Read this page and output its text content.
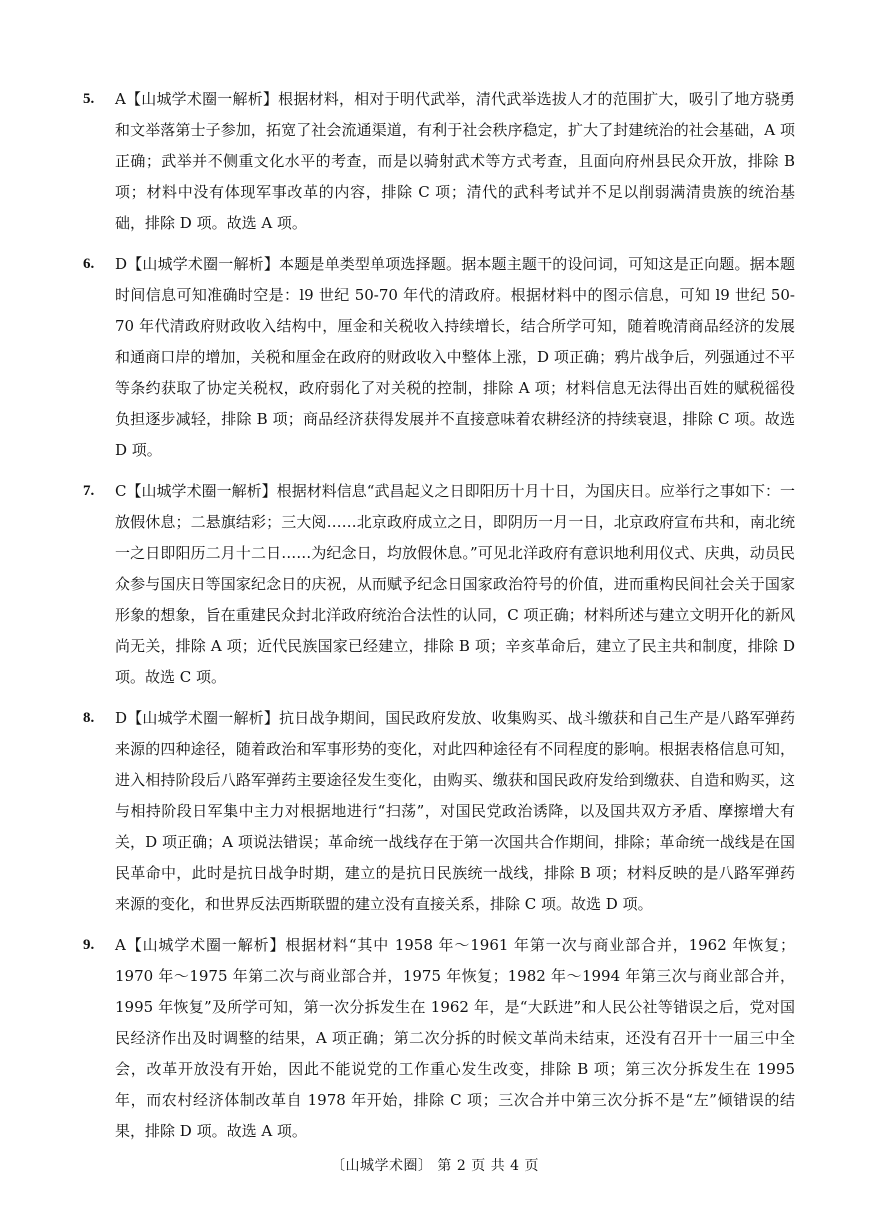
5. A【山城学术圈一解析】根据材料，相对于明代武举，清代武举选拔人才的范围扩大，吸引了地方骁勇和文举落第士子参加，拓宽了社会流通渠道，有利于社会秩序稳定，扩大了封建统治的社会基础，A 项正确；武举并不侧重文化水平的考查，而是以骑射武术等方式考查，且面向府州县民众开放，排除 B 项；材料中没有体现军事改革的内容，排除 C 项；清代的武科考试并不足以削弱满清贵族的统治基础，排除 D 项。故选 A 项。
6. D【山城学术圈一解析】本题是单类型单项选择题。据本题主题干的设问词，可知这是正向题。据本题时间信息可知准确时空是：l9 世纪 50-70 年代的清政府。根据材料中的图示信息，可知 l9 世纪 50-70 年代清政府财政收入结构中，厘金和关税收入持续增长，结合所学可知，随着晚清商品经济的发展和通商口岸的增加，关税和厘金在政府的财政收入中整体上涨，D 项正确；鸦片战争后，列强通过不平等条约获取了协定关税权，政府弱化了对关税的控制，排除 A 项；材料信息无法得出百姓的赋税徭役负担逐步减轻，排除 B 项；商品经济获得发展并不直接意味着农耕经济的持续衰退，排除 C 项。故选 D 项。
7. C【山城学术圈一解析】根据材料信息“武昌起义之日即阳历十月十日，为国庆日。应举行之事如下：一放假休息；二悬旗结彩；三大阅……北京政府成立之日，即阴历一月一日，北京政府宣布共和，南北统一之日即阳历二月十二日……为纪念日，均放假休息。”可见北洋政府有意识地利用仪式、庆典，动员民众参与国庆日等国家纪念日的庆祝，从而赋予纪念日国家政治符号的价值，进而重构民间社会关于国家形象的想象，旨在重建民众封北洋政府统治合法性的认同，C 项正确；材料所述与建立文明开化的新风尚无关，排除 A 项；近代民族国家已经建立，排除 B 项；辛亥革命后，建立了民主共和制度，排除 D 项。故选 C 项。
8. D【山城学术圈一解析】抗日战争期间，国民政府发放、收集购买、战斗缴获和自己生产是八路军弹药来源的四种途径，随着政治和军事形势的变化，对此四种途径有不同程度的影响。根据表格信息可知，进入相持阶段后八路军弹药主要途径发生变化，由购买、缴获和国民政府发给到缴获、自造和购买，这与相持阶段日军集中主力对根据地进行“扫荡”，对国民党政治诱降，以及国共双方矛盾、摩擦增大有关，D 项正确；A 项说法错误；革命统一战线存在于第一次国共合作期间，排除；革命统一战线是在国民革命中，此时是抗日战争时期，建立的是抗日民族统一战线，排除 B 项；材料反映的是八路军弹药来源的变化，和世界反法西斯联盟的建立没有直接关系，排除 C 项。故选 D 项。
9. A【山城学术圈一解析】根据材料“其中 1958 年～1961 年第一次与商业部合并，1962 年恢复；1970 年～1975 年第二次与商业部合并，1975 年恢复；1982 年～1994 年第三次与商业部合并，1995 年恢复”及所学可知，第一次分拆发生在 1962 年，是“大跃进”和人民公社等错误之后，党对国民经济作出及时调整的结果，A 项正确；第二次分拆的时候文革尚未结束，还没有召开十一届三中全会，改革开放没有开始，因此不能说党的工作重心发生改变，排除 B 项；第三次分拆发生在 1995 年，而农村经济体制改革自 1978 年开始，排除 C 项；三次合并中第三次分拆不是“左”倾错误的结果，排除 D 项。故选 A 项。
〔山城学术圈〕 第 2 页 共 4 页
